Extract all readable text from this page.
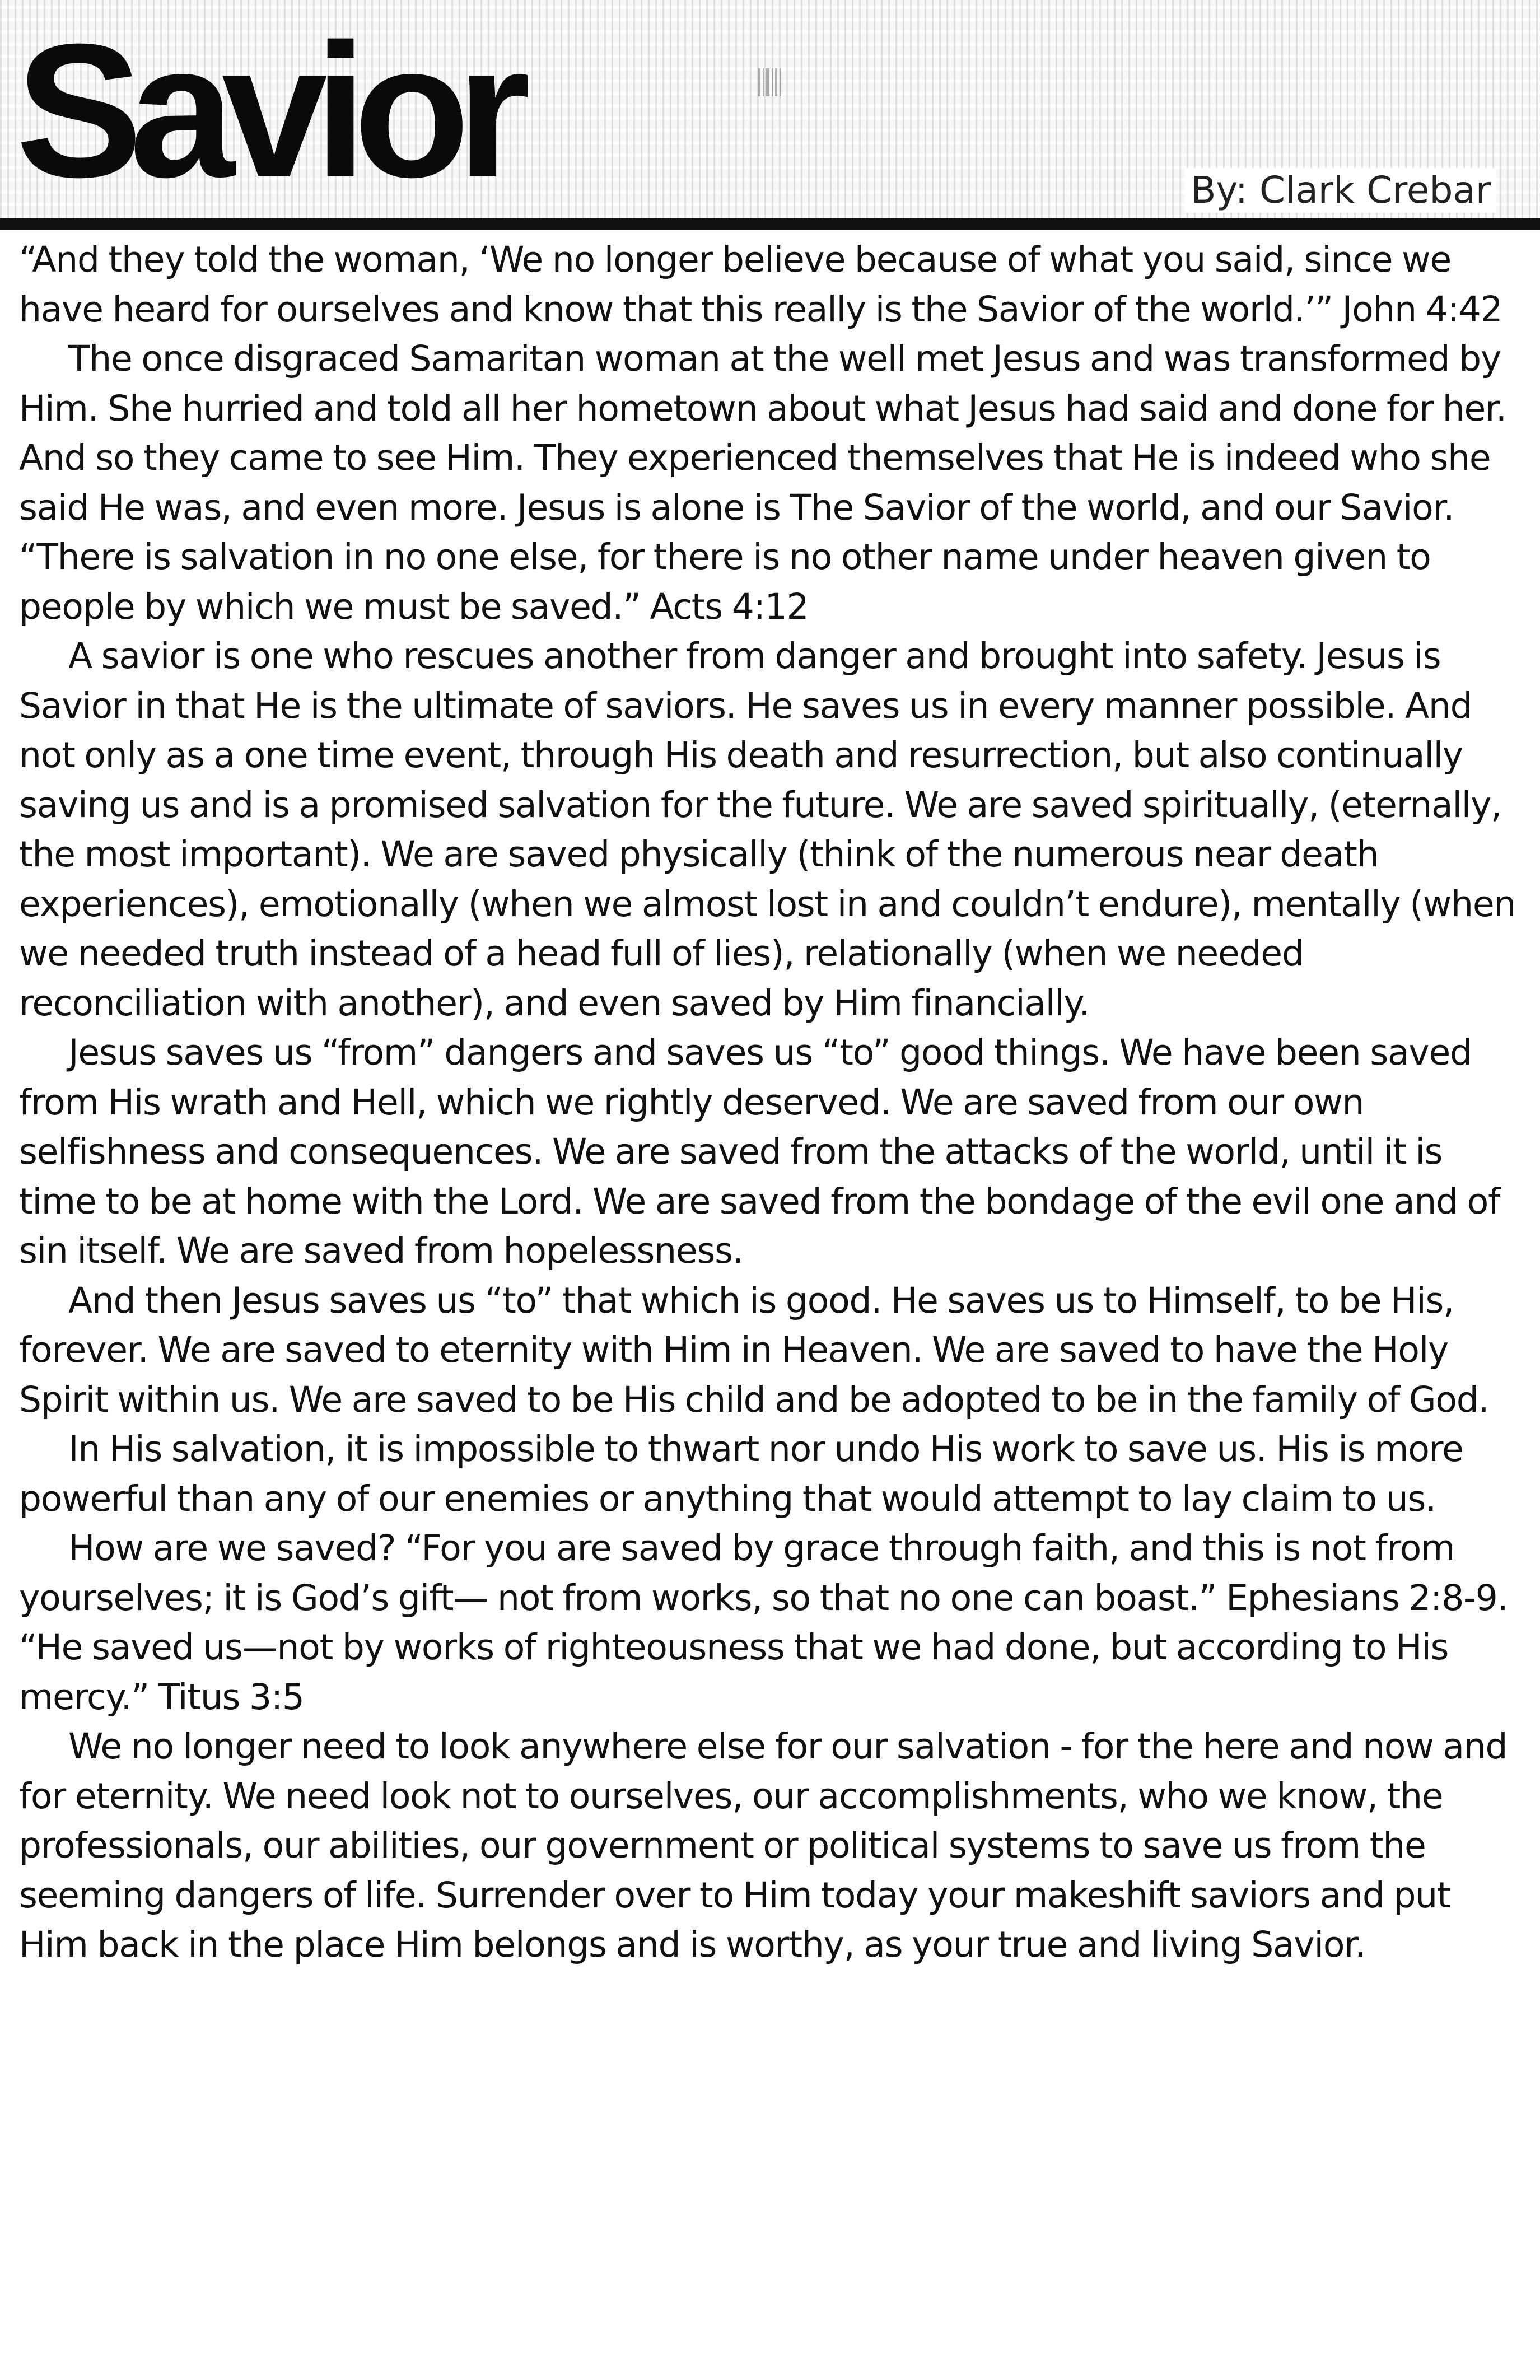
Savior	By: Clark Crebar

“And they told the woman, ‘We no longer believe because of what you said, since we have heard for ourselves and know that this really is the Savior of the world.’” John 4:42

The once disgraced Samaritan woman at the well met Jesus and was transformed by Him. She hurried and told all her hometown about what Jesus had said and done for her. And so they came to see Him. They experienced themselves that He is indeed who she said He was, and even more. Jesus is alone is The Savior of the world, and our Savior. “There is salvation in no one else, for there is no other name under heaven given to people by which we must be saved.” Acts 4:12

A savior is one who rescues another from danger and brought into safety. Jesus is Savior in that He is the ultimate of saviors. He saves us in every manner possible. And not only as a one time event, through His death and resurrection, but also continually saving us and is a promised salvation for the future. We are saved spiritually, (eternally, the most important). We are saved physically (think of the numerous near death experiences), emotionally (when we almost lost in and couldn’t endure), mentally (when we needed truth instead of a head full of lies), relationally (when we needed reconciliation with another), and even saved by Him financially.

Jesus saves us “from” dangers and saves us “to” good things. We have been saved from His wrath and Hell, which we rightly deserved. We are saved from our own selfishness and consequences. We are saved from the attacks of the world, until it is time to be at home with the Lord. We are saved from the bondage of the evil one and of sin itself. We are saved from hopelessness.

And then Jesus saves us “to” that which is good. He saves us to Himself, to be His, forever. We are saved to eternity with Him in Heaven. We are saved to have the Holy Spirit within us. We are saved to be His child and be adopted to be in the family of God.

In His salvation, it is impossible to thwart nor undo His work to save us. His is more powerful than any of our enemies or anything that would attempt to lay claim to us.

How are we saved? “For you are saved by grace through faith, and this is not from yourselves; it is God’s gift— not from works, so that no one can boast.” Ephesians 2:8-9. “He saved us—not by works of righteousness that we had done, but according to His mercy.” Titus 3:5

We no longer need to look anywhere else for our salvation - for the here and now and for eternity. We need look not to ourselves, our accomplishments, who we know, the professionals, our abilities, our government or political systems to save us from the seeming dangers of life. Surrender over to Him today your makeshift saviors and put Him back in the place Him belongs and is worthy, as your true and living Savior.
